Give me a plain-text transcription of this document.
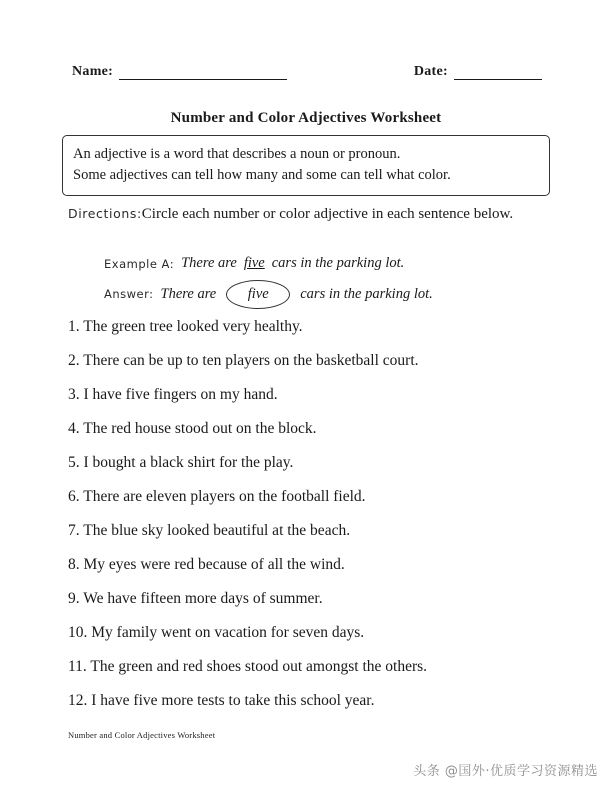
Name:	Date:
Number and Color Adjectives Worksheet
An adjective is a word that describes a noun or pronoun.
Some adjectives can tell how many and some can tell what color.
Directions:Circle each number or color adjective in each sentence below.
Example A: There are five cars in the parking lot.
Answer: There are	five	cars in the parking lot.
1. The green tree looked very healthy.
2. There can be up to ten players on the basketball court.
3. I have five fingers on my hand.
4. The red house stood out on the block.
5. I bought a black shirt for the play.
6. There are eleven players on the football field.
7. The blue sky looked beautiful at the beach.
8. My eyes were red because of all the wind.
9. We have fifteen more days of summer.
10. My family went on vacation for seven days.
11. The green and red shoes stood out amongst the others.
12. I have five more tests to take this school year.
Number and Color Adjectives Worksheet
头条 @国外·优质学习资源精选
